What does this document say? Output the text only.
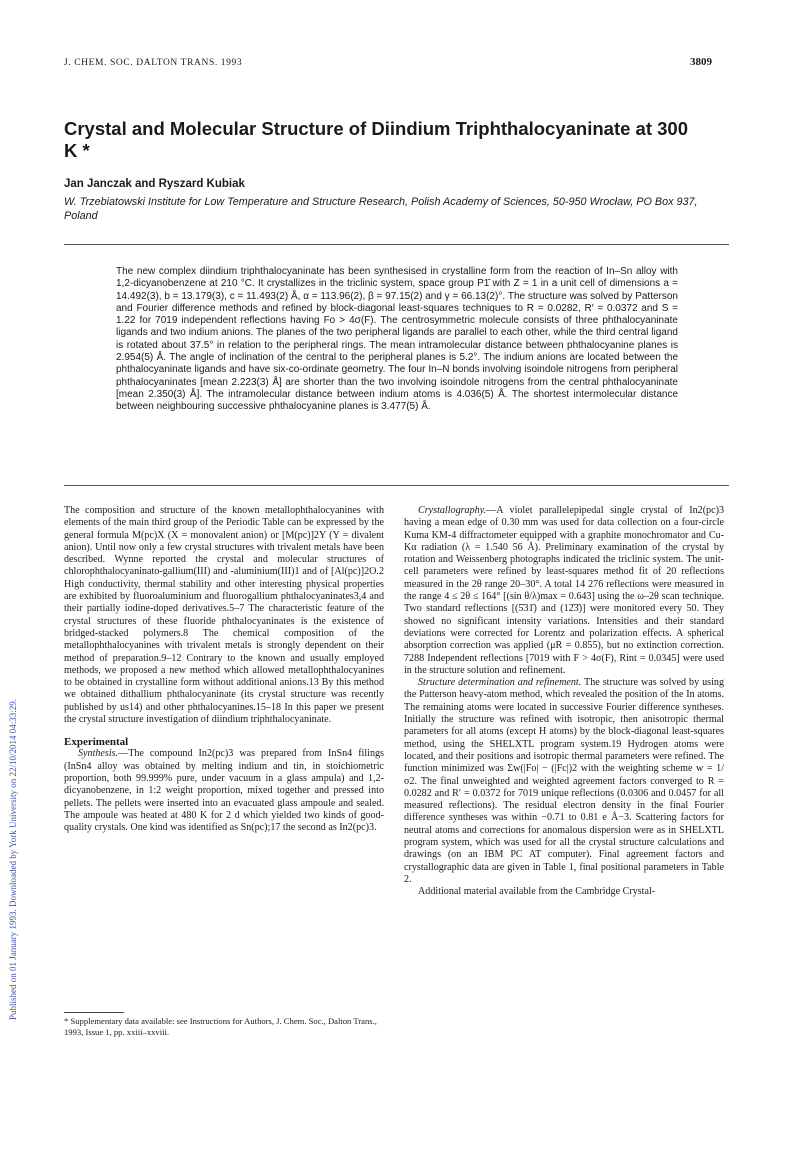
J. CHEM. SOC. DALTON TRANS. 1993	3809
Crystal and Molecular Structure of Diindium Triphthalocyaninate at 300 K *
Jan Janczak and Ryszard Kubiak
W. Trzebiatowski Institute for Low Temperature and Structure Research, Polish Academy of Sciences, 50-950 Wrocław, PO Box 937, Poland
The new complex diindium triphthalocyaninate has been synthesised in crystalline form from the reaction of In–Sn alloy with 1,2-dicyanobenzene at 210 °C. It crystallizes in the triclinic system, space group P1̄ with Z = 1 in a unit cell of dimensions a = 14.492(3), b = 13.179(3), c = 11.493(2) Å, α = 113.96(2), β = 97.15(2) and γ = 66.13(2)°. The structure was solved by Patterson and Fourier difference methods and refined by block-diagonal least-squares techniques to R = 0.0282, R′ = 0.0372 and S = 1.22 for 7019 independent reflections having Fo > 4σ(F). The centrosymmetric molecule consists of three phthalocyaninate ligands and two indium anions. The planes of the two peripheral ligands are parallel to each other, while the third central ligand is rotated about 37.5° in relation to the peripheral rings. The mean intramolecular distance between phthalocyanine planes is 2.954(5) Å. The angle of inclination of the central to the peripheral planes is 5.2°. The indium anions are located between the phthalocyaninate ligands and have six-co-ordinate geometry. The four In–N bonds involving isoindole nitrogens from peripheral phthalocyaninates [mean 2.223(3) Å] are shorter than the two involving isoindole nitrogens from the central phthalocyaninate [mean 2.350(3) Å]. The intramolecular distance between indium atoms is 4.036(5) Å. The shortest intermolecular distance between neighbouring successive phthalocyanine planes is 3.477(5) Å.
Published on 01 January 1993. Downloaded by York University on 22/10/2014 04:33:29.

The composition and structure of the known metallophthalocyanines with elements of the main third group of the Periodic Table can be expressed by the general formula M(pc)X (X = monovalent anion) or [M(pc)]2Y (Y = divalent anion). Until now only a few crystal structures with trivalent metals have been described. Wynne reported the crystal and molecular structures of chlorophthalocyaninato-gallium(III) and -aluminium(III)1 and of [Al(pc)]2O.2 High conductivity, thermal stability and other interesting physical properties are exhibited by fluoroaluminium and fluorogallium phthalocyaninates3,4 and their partially iodine-doped derivatives.5–7 The characteristic feature of the crystal structures of these fluoride phthalocyaninates is the existence of bridged-stacked polymers.8 The chemical composition of the metallophthalocyanines with trivalent metals is strongly dependent on their method of preparation.9–12 Contrary to the known and usually employed methods, we proposed a new method which allowed metallophthalocyanines to be obtained in crystalline form without additional anions.13 By this method we obtained dithallium phthalocyaninate (its crystal structure was recently published by us14) and other phthalocyanines.15–18 In this paper we present the crystal structure investigation of diindium triphthalocyaninate.

Experimental

Synthesis.—The compound In2(pc)3 was prepared from InSn4 filings (InSn4 alloy was obtained by melting indium and tin, in stoichiometric proportion, both 99.999% pure, under vacuum in a glass ampula) and 1,2-dicyanobenzene, in 1:2 weight proportion, mixed together and pressed into pellets. The pellets were inserted into an evacuated glass ampoule and sealed. The ampoule was heated at 480 K for 2 d which yielded two kinds of good-quality crystals. One kind was identified as Sn(pc);17 the second as In2(pc)3.

* Supplementary data available: see Instructions for Authors, J. Chem. Soc., Dalton Trans., 1993, Issue 1, pp. xxiii–xxviii.

Crystallography.—A violet parallelepipedal single crystal of In2(pc)3 having a mean edge of 0.30 mm was used for data collection on a four-circle Kuma KM-4 diffractometer equipped with a graphite monochromator and Cu-Kα radiation (λ = 1.540 56 Å). Preliminary examination of the crystal by rotation and Weissenberg photographs indicated the triclinic system. The unit-cell parameters were refined by least-squares method fit of 20 reflections measured in the 2θ range 20–30°. A total 14 276 reflections were measured in the range 4 ≤ 2θ ≤ 164° [(sin θ/λ)max = 0.643] using the ω–2θ scan technique. Two standard reflections [(5̄31̄) and (12̄3̄)] were monitored every 50. They showed no significant intensity variations. Intensities and their standard deviations were corrected for Lorentz and polarization effects. A spherical absorption correction was applied (μR = 0.855), but no extinction correction. 7288 Independent reflections [7019 with F > 4σ(F), Rint = 0.0345] were used in the structure solution and refinement.

Structure determination and refinement. The structure was solved by using the Patterson heavy-atom method, which revealed the position of the In atoms. The remaining atoms were located in successive Fourier difference syntheses. Initially the structure was refined with isotropic, then anisotropic thermal parameters for all atoms (except H atoms) by the block-diagonal least-squares method, using the SHELXTL program system.19 Hydrogen atoms were located, and their positions and isotropic thermal parameters were refined. The function minimized was Σw(|Fo| − (|Fc|)2 with the weighting scheme w = 1/σ2. The final unweighted and weighted agreement factors converged to R = 0.0282 and R′ = 0.0372 for 7019 unique reflections (0.0306 and 0.0457 for all measured reflections). The residual electron density in the final Fourier difference syntheses was within −0.71 to 0.81 e Å−3. Scattering factors for neutral atoms and corrections for anomalous dispersion were as in SHELXTL program system, which was used for all the crystal structure calculations and drawings (on an IBM PC AT computer). Final agreement factors and crystallographic data are given in Table 1, final positional parameters in Table 2.

Additional material available from the Cambridge Crystal-
